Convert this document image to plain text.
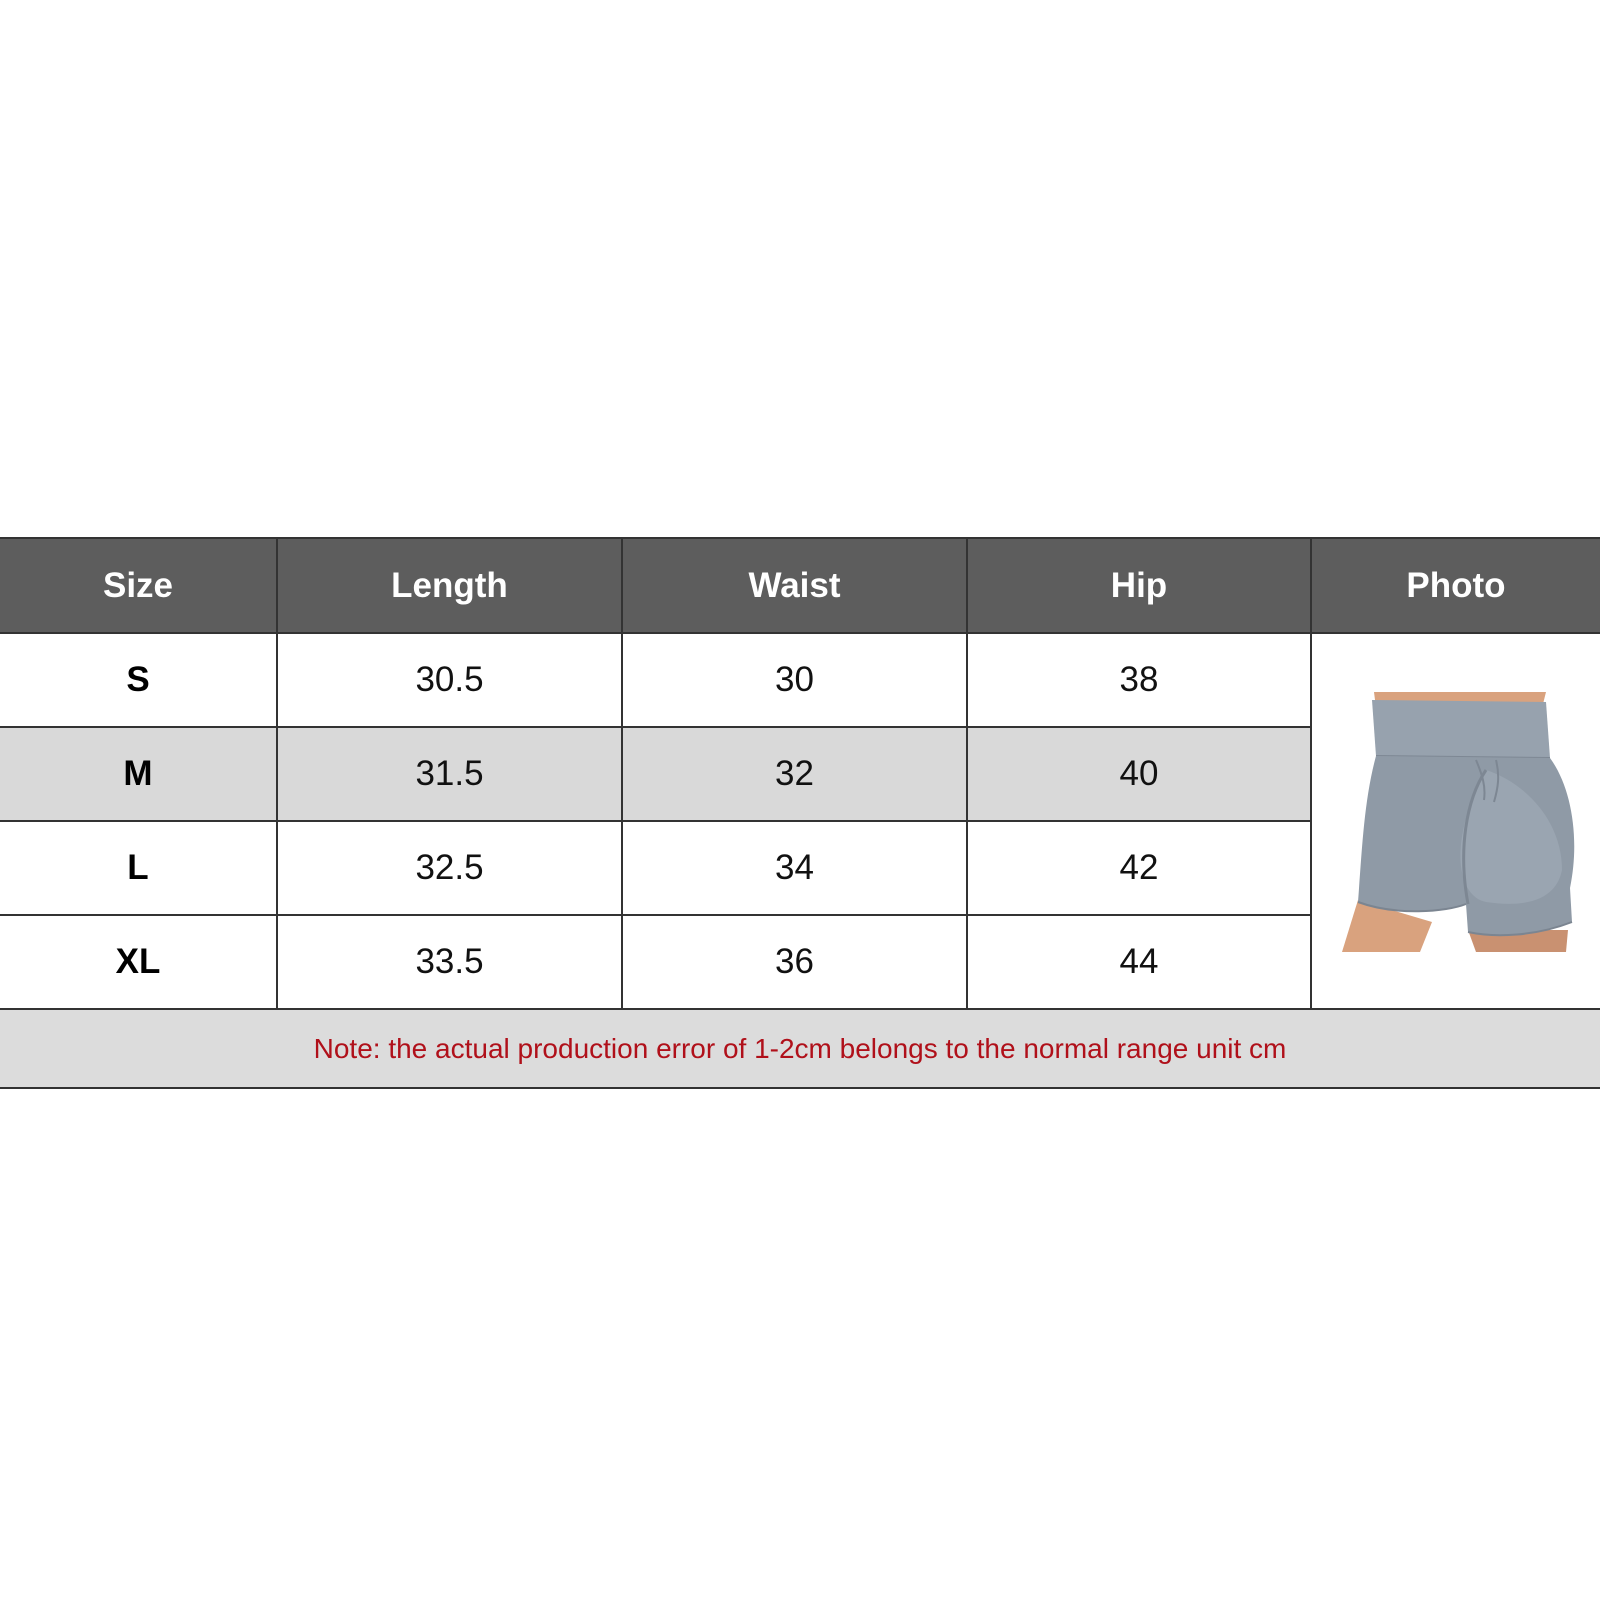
Size	Length	Waist	Hip	Photo
S	30.5	30	38	

M	31.5	32	40	
L	32.5	34	42	
XL	33.5	36	44	
Note: the actual production error of 1-2cm belongs to the normal range unit cm				
